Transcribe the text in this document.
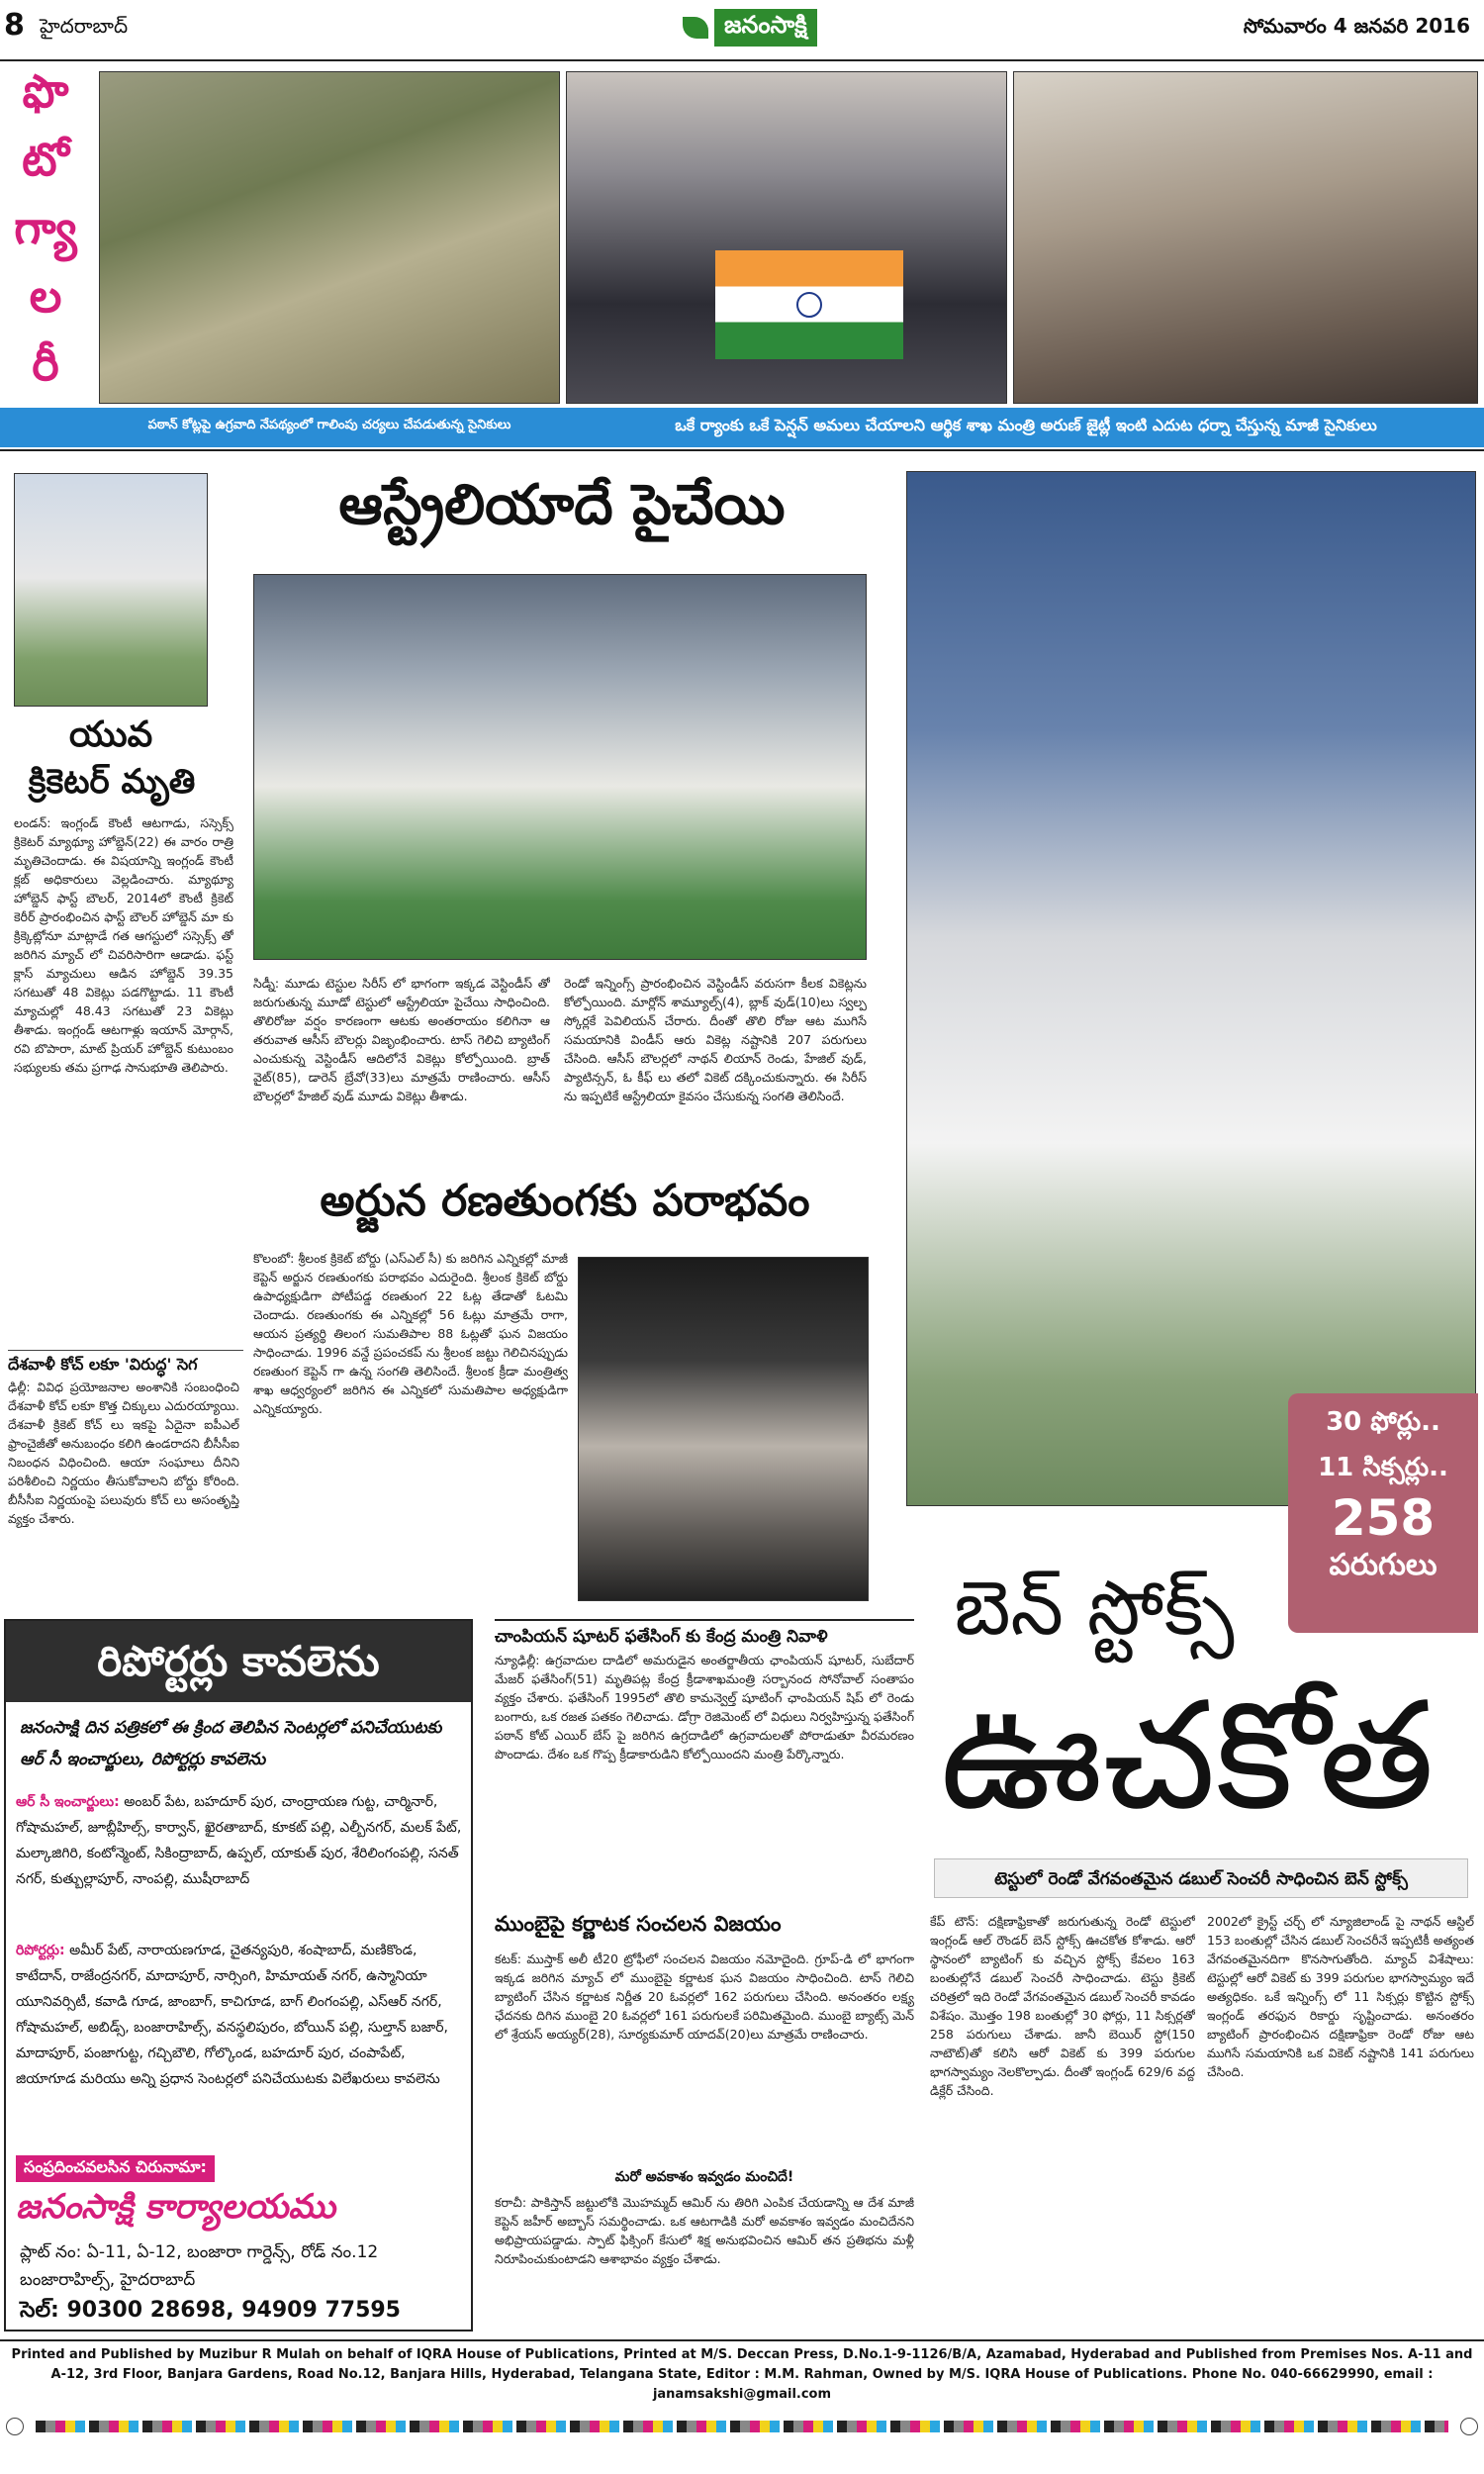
8 హైదరాబాద్	జనంసాక్షి	సోమవారం 4 జనవరి 2016
ఫొ
టో
గ్యా
ల
రీ
పఠాన్ కోట్లపై ఉగ్రవాది నేపథ్యంలో గాలింపు చర్యలు చేపడుతున్న సైనికులు	ఒకే ర్యాంకు ఒకే పెన్షన్ అమలు చేయాలని ఆర్థిక శాఖ మంత్రి అరుణ్ జైట్లీ ఇంటి ఎదుట ధర్నా చేస్తున్న మాజీ సైనికులు
యువ
క్రికెటర్ మృతి
లండన్: ఇంగ్లండ్ కౌంటీ ఆటగాడు, సస్సెక్స్ క్రికెటర్ మ్యాథ్యూ హోబ్డెన్(22) ఈ వారం రాత్రి మృతిచెందాడు. ఈ విషయాన్ని ఇంగ్లండ్ కౌంటీ క్లబ్ అధికారులు వెల్లడించారు. మ్యాథ్యూ హోబ్డెన్ ఫాస్ట్ బౌలర్, 2014లో కౌంటీ క్రికెట్ కెరీర్ ప్రారంభించిన ఫాస్ట్ బౌలర్ హోబ్డెన్ మా కు క్రిక్కెట్లోనూ మాట్లాడే గత ఆగస్టులో సస్సెక్స్ తో జరిగిన మ్యాచ్ లో చివరిసారిగా ఆడాడు. ఫస్ట్ క్లాస్ మ్యాచులు ఆడిన హోబ్డెన్ 39.35 సగటుతో 48 వికెట్లు పడగొట్టాడు. 11 కౌంటీ మ్యాచుల్లో 48.43 సగటుతో 23 వికెట్లు తీశాడు. ఇంగ్లండ్ ఆటగాళ్లు ఇయాన్ మోర్గాన్, రవి బొపారా, మాట్ ప్రియర్ హోబ్డెన్ కుటుంబం సభ్యులకు తమ ప్రగాఢ సానుభూతి తెలిపారు.
దేశవాళీ కోచ్ లకూ 'విరుద్ధ' సెగ
ఢిల్లీ: వివిధ ప్రయోజనాల అంశానికి సంబంధించి దేశవాళీ కోచ్ లకూ కొత్త చిక్కులు ఎదురయ్యాయి. దేశవాళీ క్రికెట్ కోచ్ లు ఇకపై ఏదైనా ఐపీఎల్ ఫ్రాంచైజీతో అనుబంధం కలిగి ఉండరాదని బీసీసీఐ నిబంధన విధించింది. ఆయా సంఘాలు దీనిని పరిశీలించి నిర్ణయం తీసుకోవాలని బోర్డు కోరింది. బీసీసీఐ నిర్ణయంపై పలువురు కోచ్ లు అసంతృప్తి వ్యక్తం చేశారు.
రిపోర్టర్లు కావలెను
జనంసాక్షి దిన పత్రికలో ఈ క్రింద తెలిపిన సెంటర్లలో పనిచేయుటకు ఆర్ సీ ఇంచార్జులు, రిపోర్టర్లు కావలెను
ఆర్ సీ ఇంచార్జులు: అంబర్ పేట, బహదూర్ పుర, చాంద్రాయణ గుట్ట, చార్మినార్, గోషామహల్, జూబ్లీహిల్స్, కార్వాన్, ఖైరతాబాద్, కూకట్ పల్లి, ఎల్బీనగర్, మలక్ పేట్, మల్కాజిగిరి, కంటోన్మెంట్, సికింద్రాబాద్, ఉప్పల్, యాకుత్ పుర, శేరిలింగంపల్లి, సనత్ నగర్, కుత్బుల్లాపూర్, నాంపల్లి, ముషీరాబాద్
రిపోర్టర్లు: అమీర్ పేట్, నారాయణగూడ, చైతన్యపురి, శంషాబాద్, మణికొండ, కాటేదాన్, రాజేంద్రనగర్, మాదాపూర్, నార్సింగి, హిమాయత్ నగర్, ఉస్మానియా యూనివర్సిటీ, కవాడి గూడ, జాంబాగ్, కాచిగూడ, బాగ్ లింగంపల్లి, ఎస్ఆర్ నగర్, గోషామహల్, అబిడ్స్, బంజారాహిల్స్, వనస్థలిపురం, బోయిన్ పల్లి, సుల్తాన్ బజార్, మాదాపూర్, పంజాగుట్ట, గచ్చిబౌలి, గోల్కొండ, బహదూర్ పుర, చంపాపేట్, జియాగూడ మరియు అన్ని ప్రధాన సెంటర్లలో పనిచేయుటకు విలేఖరులు కావలెను
సంప్రదించవలసిన చిరునామా:
జనంసాక్షి కార్యాలయము
ప్లాట్ నం: ఏ-11, ఏ-12, బంజారా గార్డెన్స్, రోడ్ నం.12
బంజారాహిల్స్, హైదరాబాద్
సెల్: 90300 28698, 94909 77595
ఆస్ట్రేలియాదే పైచేయి
సిడ్నీ: మూడు టెస్టుల సిరీస్ లో భాగంగా ఇక్కడ వెస్టిండీస్ తో జరుగుతున్న మూడో టెస్టులో ఆస్ట్రేలియా పైచేయి సాధించింది. తొలిరోజు వర్షం కారణంగా ఆటకు అంతరాయం కలిగినా ఆ తరువాత ఆసీస్ బౌలర్లు విజృంభించారు. టాస్ గెలిచి బ్యాటింగ్ ఎంచుకున్న వెస్టిండీస్ ఆదిలోనే వికెట్లు కోల్పోయింది. బ్రాత్ వైట్(85), డారెన్ బ్రేవో(33)లు మాత్రమే రాణించారు. ఆసీస్ బౌలర్లలో హేజిల్ వుడ్ మూడు వికెట్లు తీశాడు.
రెండో ఇన్నింగ్స్ ప్రారంభించిన వెస్టిండీస్ వరుసగా కీలక వికెట్లను కోల్పోయింది. మార్లోన్ శామ్యూల్స్(4), బ్లాక్ వుడ్(10)లు స్వల్ప స్కోర్లకే పెవిలియన్ చేరారు. దీంతో తొలి రోజు ఆట ముగిసే సమయానికి విండీస్ ఆరు వికెట్ల నష్టానికి 207 పరుగులు చేసింది. ఆసీస్ బౌలర్లలో నాథన్ లియాన్ రెండు, హేజిల్ వుడ్, ప్యాటిన్సన్, ఓ కీఫ్ లు తలో వికెట్ దక్కించుకున్నారు. ఈ సిరీస్ ను ఇప్పటికే ఆస్ట్రేలియా కైవసం చేసుకున్న సంగతి తెలిసిందే.
అర్జున రణతుంగకు పరాభవం
కొలంబో: శ్రీలంక క్రికెట్ బోర్డు (ఎస్ఎల్ సీ) కు జరిగిన ఎన్నికల్లో మాజీ కెప్టెన్ అర్జున రణతుంగకు పరాభవం ఎదురైంది. శ్రీలంక క్రికెట్ బోర్డు ఉపాధ్యక్షుడిగా పోటీపడ్డ రణతుంగ 22 ఓట్ల తేడాతో ఓటమి చెందాడు. రణతుంగకు ఈ ఎన్నికల్లో 56 ఓట్లు మాత్రమే రాగా, ఆయన ప్రత్యర్థి తిలంగ సుమతిపాల 88 ఓట్లతో ఘన విజయం సాధించాడు. 1996 వన్డే ప్రపంచకప్ ను శ్రీలంక జట్టు గెలిచినప్పుడు రణతుంగ కెప్టెన్ గా ఉన్న సంగతి తెలిసిందే. శ్రీలంక క్రీడా మంత్రిత్వ శాఖ ఆధ్వర్యంలో జరిగిన ఈ ఎన్నికలో సుమతిపాల అధ్యక్షుడిగా ఎన్నికయ్యారు.
చాంపియన్ షూటర్ ఫతేసింగ్ కు కేంద్ర మంత్రి నివాళి
న్యూఢిల్లీ: ఉగ్రవాదుల దాడిలో అమరుడైన అంతర్జాతీయ ఛాంపియన్ షూటర్, సుబేదార్ మేజర్ ఫతేసింగ్(51) మృతిపట్ల కేంద్ర క్రీడాశాఖమంత్రి సర్బానంద సోనోవాల్ సంతాపం వ్యక్తం చేశారు. ఫతేసింగ్ 1995లో తొలి కామన్వెల్త్ షూటింగ్ ఛాంపియన్ షిప్ లో రెండు బంగారు, ఒక రజత పతకం గెలిచాడు. డోగ్రా రెజిమెంట్ లో విధులు నిర్వహిస్తున్న ఫతేసింగ్ పఠాన్ కోట్ ఎయిర్ బేస్ పై జరిగిన ఉగ్రదాడిలో ఉగ్రవాదులతో పోరాడుతూ వీరమరణం పొందాడు. దేశం ఒక గొప్ప క్రీడాకారుడిని కోల్పోయిందని మంత్రి పేర్కొన్నారు.
ముంబైపై కర్ణాటక సంచలన విజయం
కటక్: ముస్తాక్ అలీ టీ20 ట్రోఫీలో సంచలన విజయం నమోదైంది. గ్రూప్-డి లో భాగంగా ఇక్కడ జరిగిన మ్యాచ్ లో ముంబైపై కర్ణాటక ఘన విజయం సాధించింది. టాస్ గెలిచి బ్యాటింగ్ చేసిన కర్ణాటక నిర్ణీత 20 ఓవర్లలో 162 పరుగులు చేసింది. అనంతరం లక్ష్య ఛేదనకు దిగిన ముంబై 20 ఓవర్లలో 161 పరుగులకే పరిమితమైంది. ముంబై బ్యాట్స్ మెన్ లో శ్రేయస్ అయ్యర్(28), సూర్యకుమార్ యాదవ్(20)లు మాత్రమే రాణించారు.
మరో అవకాశం ఇవ్వడం మంచిదే!
కరాచీ: పాకిస్తాన్ జట్టులోకి మొహమ్మద్ ఆమిర్ ను తిరిగి ఎంపిక చేయడాన్ని ఆ దేశ మాజీ కెప్టెన్ జహీర్ అబ్బాస్ సమర్థించాడు. ఒక ఆటగాడికి మరో అవకాశం ఇవ్వడం మంచిదేనని అభిప్రాయపడ్డాడు. స్పాట్ ఫిక్సింగ్ కేసులో శిక్ష అనుభవించిన ఆమిర్ తన ప్రతిభను మళ్లీ నిరూపించుకుంటాడని ఆశాభావం వ్యక్తం చేశాడు.
30 ఫోర్లు..
11 సిక్సర్లు..
258
పరుగులు
బెన్ స్టోక్స్
ఊచకోత
టెస్టులో రెండో వేగవంతమైన డబుల్ సెంచరీ సాధించిన బెన్ స్టోక్స్
కేప్ టౌన్: దక్షిణాఫ్రికాతో జరుగుతున్న రెండో టెస్టులో ఇంగ్లండ్ ఆల్ రౌండర్ బెన్ స్టోక్స్ ఊచకోత కోశాడు. ఆరో స్థానంలో బ్యాటింగ్ కు వచ్చిన స్టోక్స్ కేవలం 163 బంతుల్లోనే డబుల్ సెంచరీ సాధించాడు. టెస్టు క్రికెట్ చరిత్రలో ఇది రెండో వేగవంతమైన డబుల్ సెంచరీ కావడం విశేషం. మొత్తం 198 బంతుల్లో 30 ఫోర్లు, 11 సిక్సర్లతో 258 పరుగులు చేశాడు. జానీ బెయిర్ స్టో(150 నాటౌట్)తో కలిసి ఆరో వికెట్ కు 399 పరుగుల భాగస్వామ్యం నెలకొల్పాడు. దీంతో ఇంగ్లండ్ 629/6 వద్ద డిక్లేర్ చేసింది.
2002లో క్రైస్ట్ చర్చ్ లో న్యూజిలాండ్ పై నాథన్ ఆస్టిల్ 153 బంతుల్లో చేసిన డబుల్ సెంచరీనే ఇప్పటికీ అత్యంత వేగవంతమైనదిగా కొనసాగుతోంది. మ్యాచ్ విశేషాలు: టెస్టుల్లో ఆరో వికెట్ కు 399 పరుగుల భాగస్వామ్యం ఇదే అత్యధికం. ఒకే ఇన్నింగ్స్ లో 11 సిక్సర్లు కొట్టిన స్టోక్స్ ఇంగ్లండ్ తరఫున రికార్డు సృష్టించాడు. అనంతరం బ్యాటింగ్ ప్రారంభించిన దక్షిణాఫ్రికా రెండో రోజు ఆట ముగిసే సమయానికి ఒక వికెట్ నష్టానికి 141 పరుగులు చేసింది.
Printed and Published by Muzibur R Mulah on behalf of IQRA House of Publications, Printed at M/S. Deccan Press, D.No.1-9-1126/B/A, Azamabad, Hyderabad and Published from Premises Nos. A-11 and A-12, 3rd Floor, Banjara Gardens, Road No.12, Banjara Hills, Hyderabad, Telangana State, Editor : M.M. Rahman, Owned by M/S. IQRA House of Publications. Phone No. 040-66629990, email : janamsakshi@gmail.com
